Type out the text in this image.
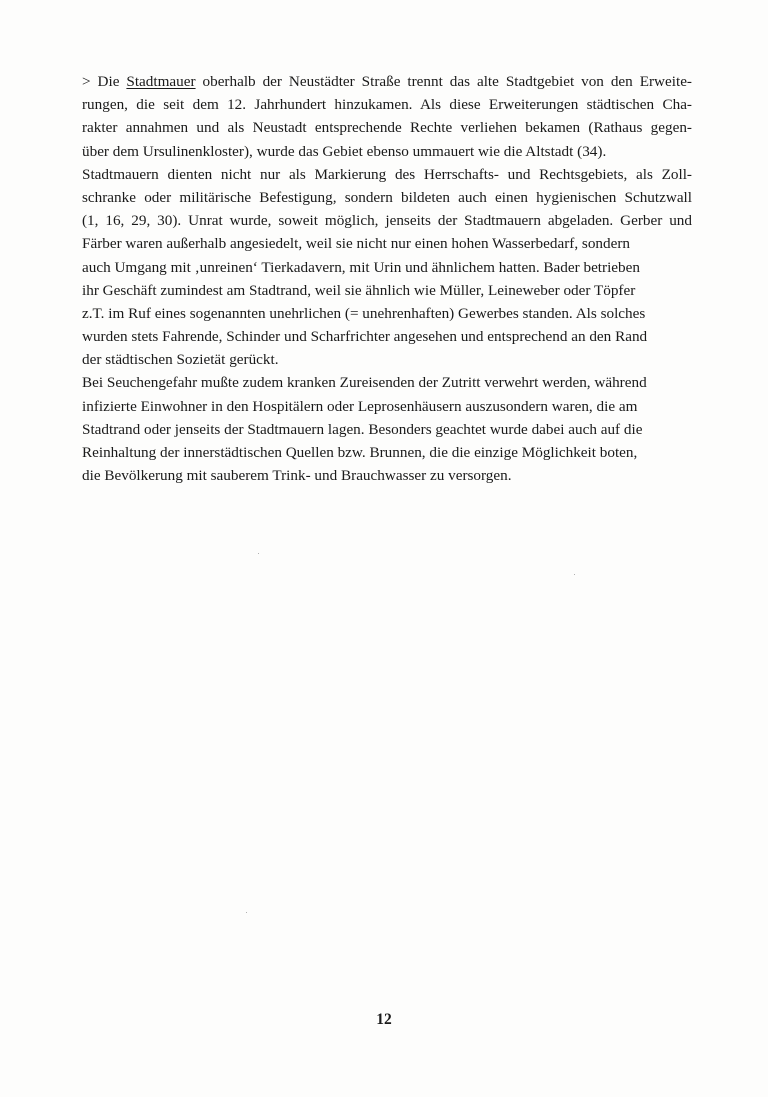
> Die Stadtmauer oberhalb der Neustädter Straße trennt das alte Stadtgebiet von den Erweite-
rungen, die seit dem 12. Jahrhundert hinzukamen. Als diese Erweiterungen städtischen Cha-
rakter annahmen und als Neustadt entsprechende Rechte verliehen bekamen (Rathaus gegen-
über dem Ursulinenkloster), wurde das Gebiet ebenso ummauert wie die Altstadt (34).
Stadtmauern dienten nicht nur als Markierung des Herrschafts- und Rechtsgebiets, als Zoll-
schranke oder militärische Befestigung, sondern bildeten auch einen hygienischen Schutzwall
(1, 16, 29, 30). Unrat wurde, soweit möglich, jenseits der Stadtmauern abgeladen. Gerber und
Färber waren außerhalb angesiedelt, weil sie nicht nur einen hohen Wasserbedarf, sondern
auch Umgang mit ‚unreinen‘ Tierkadavern, mit Urin und ähnlichem hatten. Bader betrieben
ihr Geschäft zumindest am Stadtrand, weil sie ähnlich wie Müller, Leineweber oder Töpfer
z.T. im Ruf eines sogenannten unehrlichen (= unehrenhaften) Gewerbes standen. Als solches
wurden stets Fahrende, Schinder und Scharfrichter angesehen und entsprechend an den Rand
der städtischen Sozietät gerückt.
Bei Seuchengefahr mußte zudem kranken Zureisenden der Zutritt verwehrt werden, während
infizierte Einwohner in den Hospitälern oder Leprosenhäusern auszusondern waren, die am
Stadtrand oder jenseits der Stadtmauern lagen. Besonders geachtet wurde dabei auch auf die
Reinhaltung der innerstädtischen Quellen bzw. Brunnen, die die einzige Möglichkeit boten,
die Bevölkerung mit sauberem Trink- und Brauchwasser zu versorgen.
12
